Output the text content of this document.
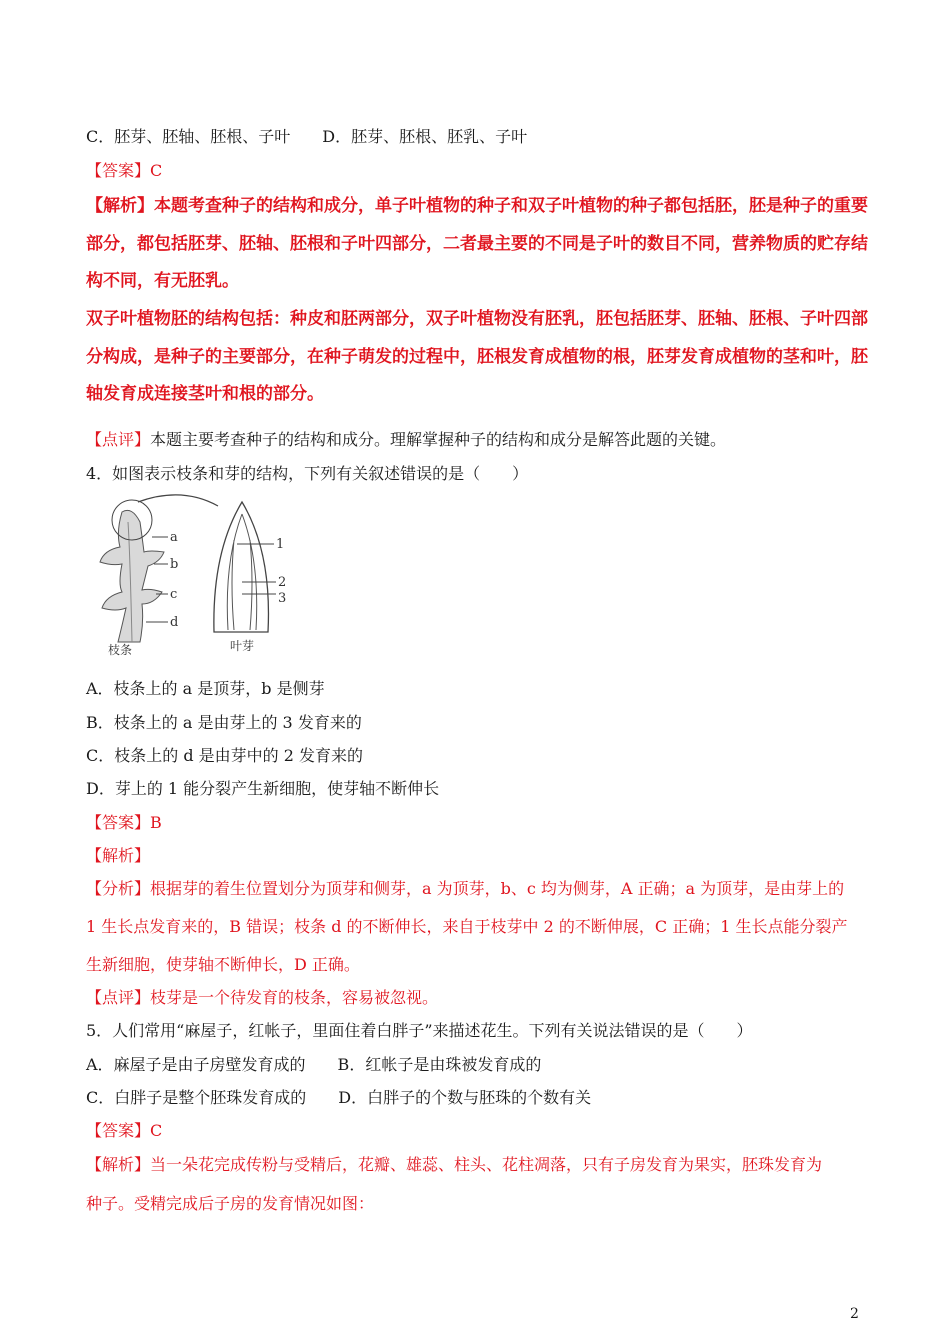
C．胚芽、胚轴、胚根、子叶　　D．胚芽、胚根、胚乳、子叶
【答案】C
【解析】本题考查种子的结构和成分，单子叶植物的种子和双子叶植物的种子都包括胚，胚是种子的重要
部分，都包括胚芽、胚轴、胚根和子叶四部分，二者最主要的不同是子叶的数目不同，营养物质的贮存结
构不同，有无胚乳。
双子叶植物胚的结构包括：种皮和胚两部分，双子叶植物没有胚乳，胚包括胚芽、胚轴、胚根、子叶四部
分构成，是种子的主要部分，在种子萌发的过程中，胚根发育成植物的根，胚芽发育成植物的茎和叶，胚
轴发育成连接茎叶和根的部分。
【点评】本题主要考查种子的结构和成分。理解掌握种子的结构和成分是解答此题的关键。
4．如图表示枝条和芽的结构，下列有关叙述错误的是（　　）
a
b
c
d
1
2
3
枝条	叶芽
A．枝条上的 a 是顶芽，b 是侧芽
B．枝条上的 a 是由芽上的 3 发育来的
C．枝条上的 d 是由芽中的 2 发育来的
D．芽上的 1 能分裂产生新细胞，使芽轴不断伸长
【答案】B
【解析】
【分析】根据芽的着生位置划分为顶芽和侧芽，a 为顶芽，b、c 均为侧芽，A 正确；a 为顶芽，是由芽上的
1 生长点发育来的，B 错误；枝条 d 的不断伸长，来自于枝芽中 2 的不断伸展，C 正确；1 生长点能分裂产
生新细胞，使芽轴不断伸长，D 正确。
【点评】枝芽是一个待发育的枝条，容易被忽视。
5．人们常用“麻屋子，红帐子，里面住着白胖子”来描述花生。下列有关说法错误的是（　　）
A．麻屋子是由子房壁发育成的　　B．红帐子是由珠被发育成的
C．白胖子是整个胚珠发育成的　　D．白胖子的个数与胚珠的个数有关
【答案】C
【解析】当一朵花完成传粉与受精后，花瓣、雄蕊、柱头、花柱凋落，只有子房发育为果实，胚珠发育为
种子。受精完成后子房的发育情况如图：
2
